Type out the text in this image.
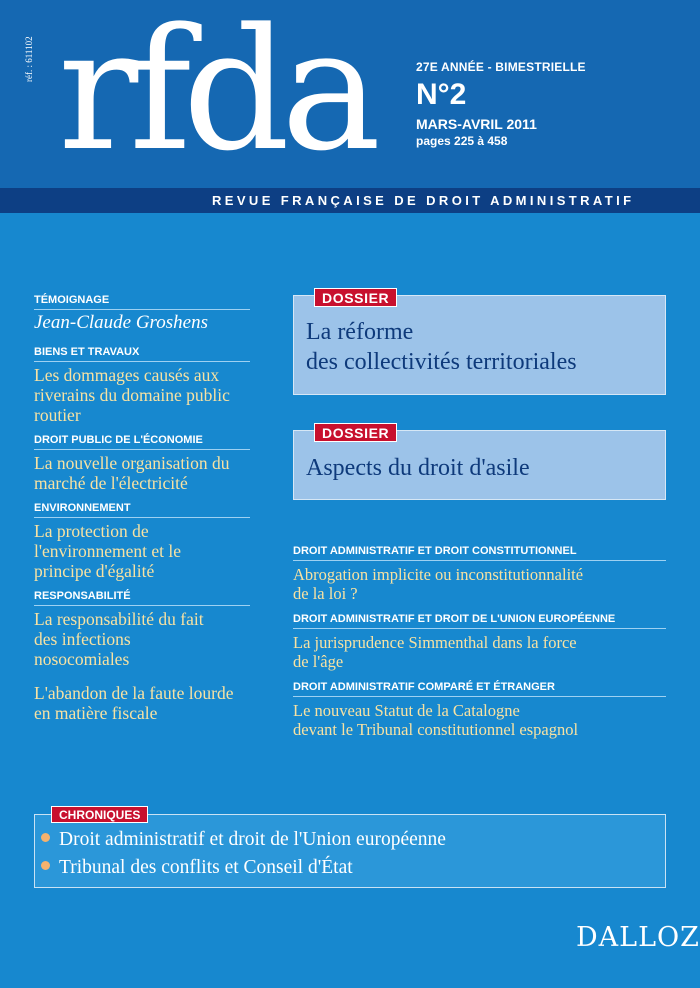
réf. : 611102 rfda	27E ANNÉE - BIMESTRIELLE
N°2
MARS-AVRIL 2011
pages 225 à 458
REVUE FRANÇAISE DE DROIT ADMINISTRATIF
TÉMOIGNAGE
Jean-Claude Groshens
BIENS ET TRAVAUX
Les dommages causés aux riverains du domaine public routier
DROIT PUBLIC DE L'ÉCONOMIE
La nouvelle organisation du marché de l'électricité
ENVIRONNEMENT
La protection de l'environnement et le principe d'égalité
RESPONSABILITÉ
La responsabilité du fait des infections nosocomiales
L'abandon de la faute lourde en matière fiscale
DOSSIER
La réforme
des collectivités territoriales
DOSSIER
Aspects du droit d'asile
DROIT ADMINISTRATIF ET DROIT CONSTITUTIONNEL
Abrogation implicite ou inconstitutionnalité
de la loi ?
DROIT ADMINISTRATIF ET DROIT DE L'UNION EUROPÉENNE
La jurisprudence Simmenthal dans la force
de l'âge
DROIT ADMINISTRATIF COMPARÉ ET ÉTRANGER
Le nouveau Statut de la Catalogne
devant le Tribunal constitutionnel espagnol
CHRONIQUES
Droit administratif et droit de l'Union européenne
Tribunal des conflits et Conseil d'État
DALLOZ
